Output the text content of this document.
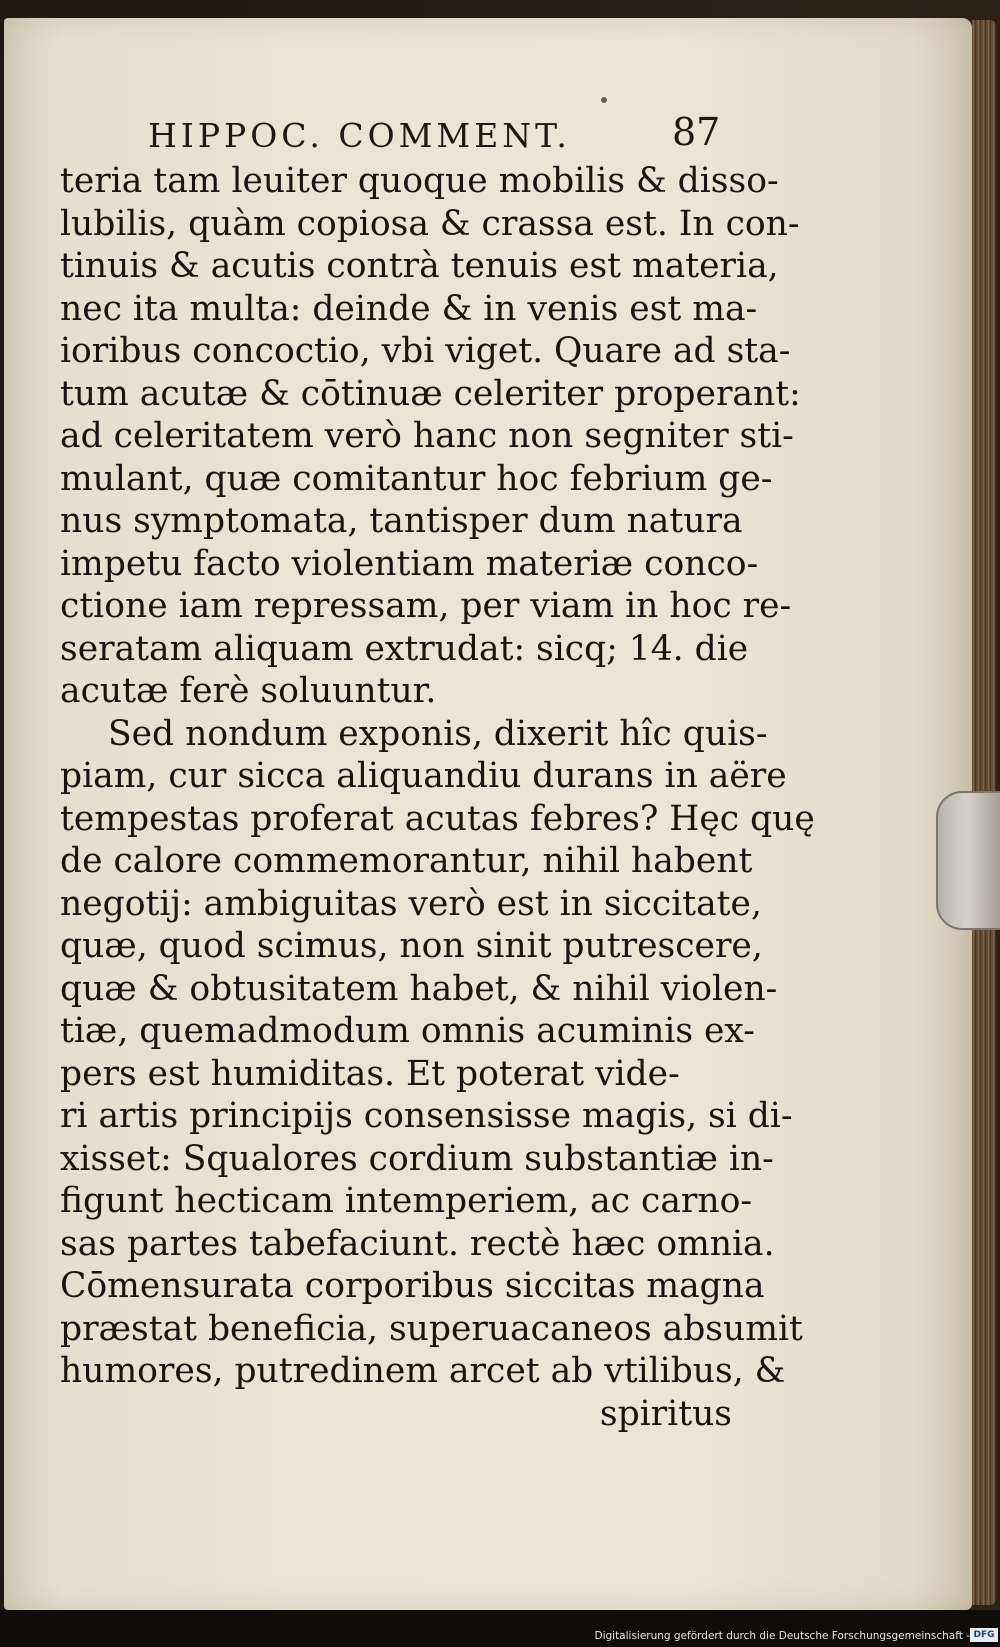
HIPPOC. COMMENT.	87
teria tam leuiter quoque mobilis & disso-
lubilis, quàm copiosa & crassa est. In con-
tinuis & acutis contrà tenuis est materia,
nec ita multa: deinde & in venis est ma-
ioribus concoctio, vbi viget. Quare ad sta-
tum acutæ & cōtinuæ celeriter properant:
ad celeritatem verò hanc non segniter sti-
mulant, quæ comitantur hoc febrium ge-
nus symptomata, tantisper dum natura
impetu facto violentiam materiæ conco-
ctione iam repressam, per viam in hoc re-
seratam aliquam extrudat: sicq; 14. die
acutæ ferè soluuntur.
Sed nondum exponis, dixerit hîc quis-
piam, cur sicca aliquandiu durans in aëre
tempestas proferat acutas febres? Hęc quę
de calore commemorantur, nihil habent
negotij: ambiguitas verò est in siccitate,
quæ, quod scimus, non sinit putrescere,
quæ & obtusitatem habet, & nihil violen-
tiæ, quemadmodum omnis acuminis ex-
pers est humiditas. Et poterat vide-
ri artis principijs consensisse magis, si di-
xisset: Squalores cordium substantiæ in-
figunt hecticam intemperiem, ac carno-
sas partes tabefaciunt. rectè hæc omnia.
Cōmensurata corporibus siccitas magna
præstat beneficia, superuacaneos absumit
humores, putredinem arcet ab vtilibus, &
spiritus
Digitalisierung gefördert durch die Deutsche Forschungsgemeinschaft - DFG
